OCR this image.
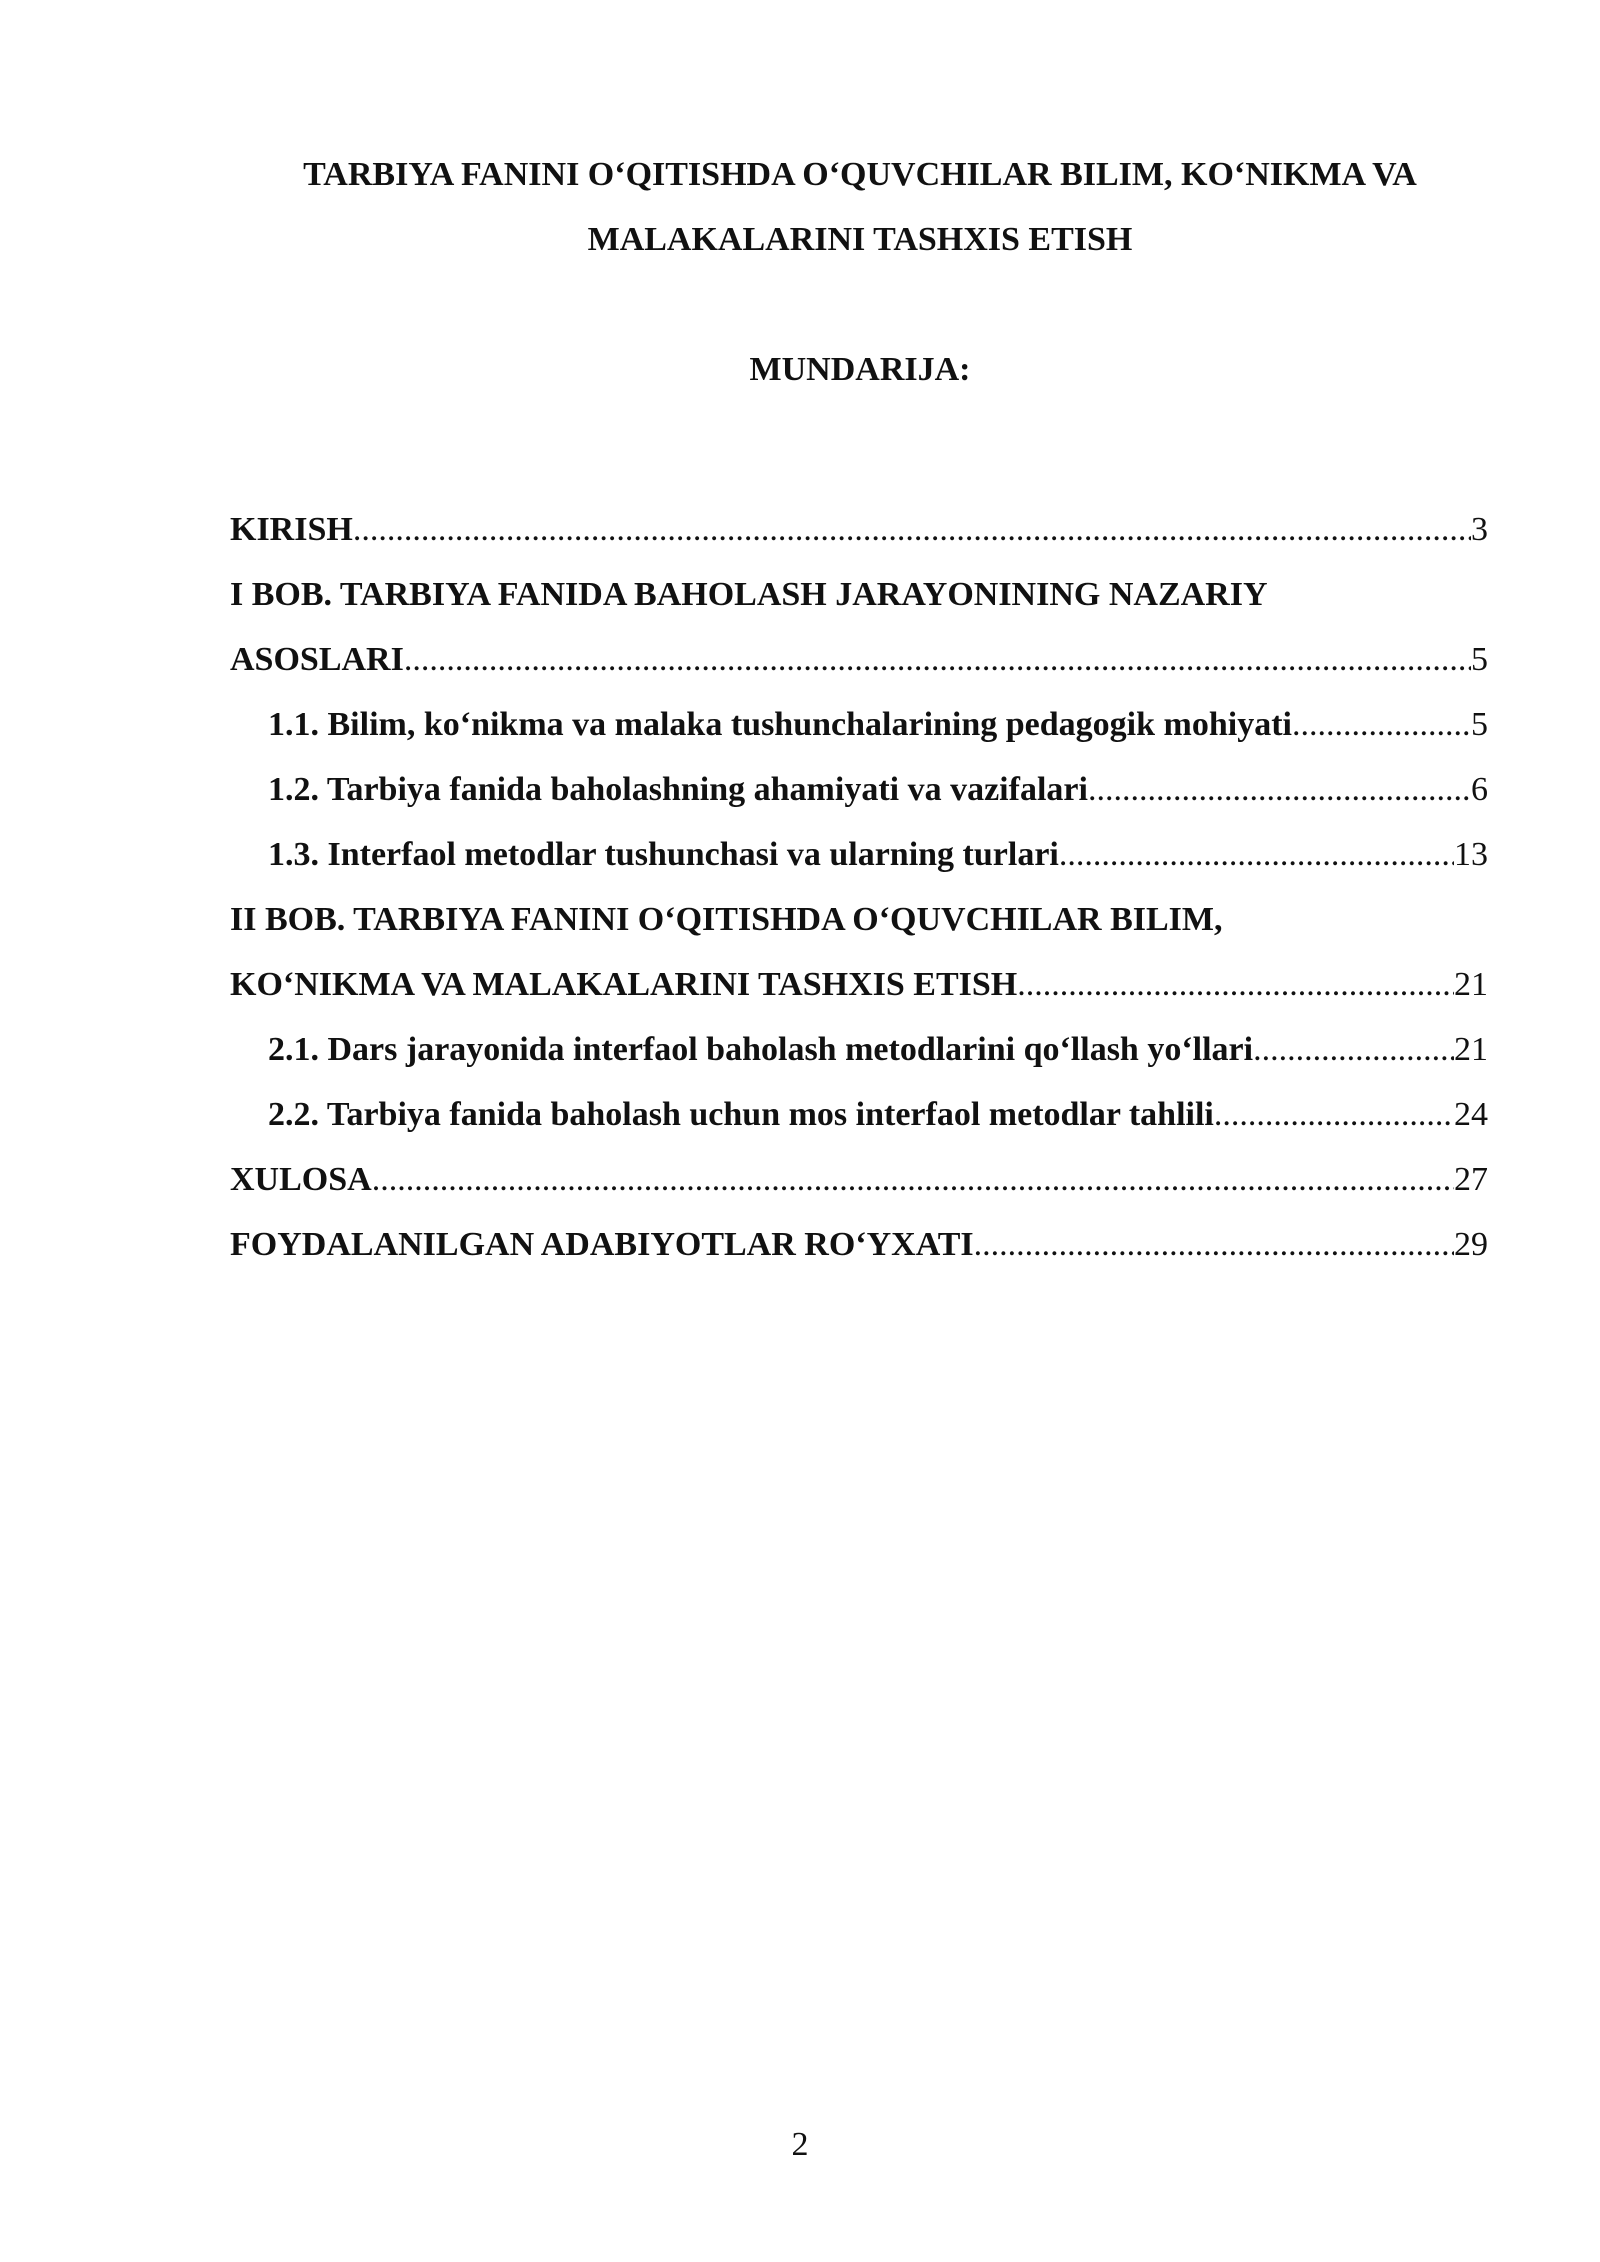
TARBIYA FANINI O‘QITISHDA O‘QUVCHILAR BILIM, KO‘NIKMA VA
MALAKALARINI TASHXIS ETISH
MUNDARIJA:
KIRISH .....	3
I BOB. TARBIYA FANIDA BAHOLASH JARAYONINING NAZARIY
ASOSLARI .....	5
1.1. Bilim, ko‘nikma va malaka tushunchalarining pedagogik mohiyati .....	5
1.2. Tarbiya fanida baholashning ahamiyati va vazifalari .....	6
1.3. Interfaol metodlar tushunchasi va ularning turlari .....	13
II BOB. TARBIYA FANINI O‘QITISHDA O‘QUVCHILAR BILIM,
KO‘NIKMA VA MALAKALARINI TASHXIS ETISH .....	21
2.1. Dars jarayonida interfaol baholash metodlarini qo‘llash yo‘llari .....	21
2.2. Tarbiya fanida baholash uchun mos interfaol metodlar tahlili .....	24
XULOSA .....	27
FOYDALANILGAN ADABIYOTLAR RO‘YXATI .....	29
2
